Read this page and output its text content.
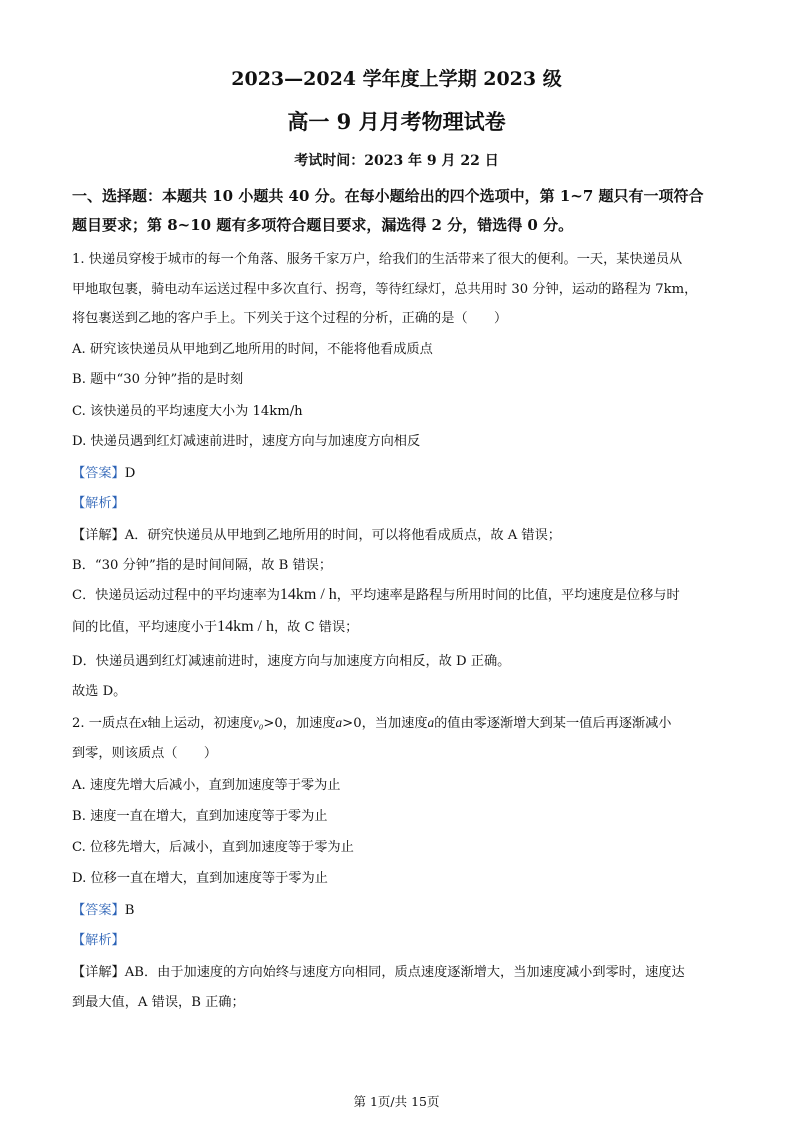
2023—2024 学年度上学期 2023 级
高一 9 月月考物理试卷
考试时间：2023 年 9 月 22 日
一、选择题：本题共 10 小题共 40 分。在每小题给出的四个选项中，第 1~7 题只有一项符合
题目要求；第 8~10 题有多项符合题目要求，漏选得 2 分，错选得 0 分。
1. 快递员穿梭于城市的每一个角落、服务千家万户，给我们的生活带来了很大的便利。一天，某快递员从
甲地取包裹，骑电动车运送过程中多次直行、拐弯，等待红绿灯，总共用时 30 分钟，运动的路程为 7km，
将包裹送到乙地的客户手上。下列关于这个过程的分析，正确的是（　　）
A. 研究该快递员从甲地到乙地所用的时间，不能将他看成质点
B. 题中“30 分钟”指的是时刻
C. 该快递员的平均速度大小为 14km/h
D. 快递员遇到红灯减速前进时，速度方向与加速度方向相反
【答案】D
【解析】
【详解】A．研究快递员从甲地到乙地所用的时间，可以将他看成质点，故 A 错误；
B．“30 分钟”指的是时间间隔，故 B 错误；
C．快递员运动过程中的平均速率为14km / h，平均速率是路程与所用时间的比值，平均速度是位移与时
间的比值，平均速度小于14km / h，故 C 错误；
D．快递员遇到红灯减速前进时，速度方向与加速度方向相反，故 D 正确。
故选 D。
2. 一质点在x轴上运动，初速度v₀>0，加速度a>0，当加速度a的值由零逐渐增大到某一值后再逐渐减小
到零，则该质点（　　）
A. 速度先增大后减小，直到加速度等于零为止
B. 速度一直在增大，直到加速度等于零为止
C. 位移先增大，后减小，直到加速度等于零为止
D. 位移一直在增大，直到加速度等于零为止
【答案】B
【解析】
【详解】AB．由于加速度的方向始终与速度方向相同，质点速度逐渐增大，当加速度减小到零时，速度达
到最大值，A 错误，B 正确；
第 1页/共 15页
